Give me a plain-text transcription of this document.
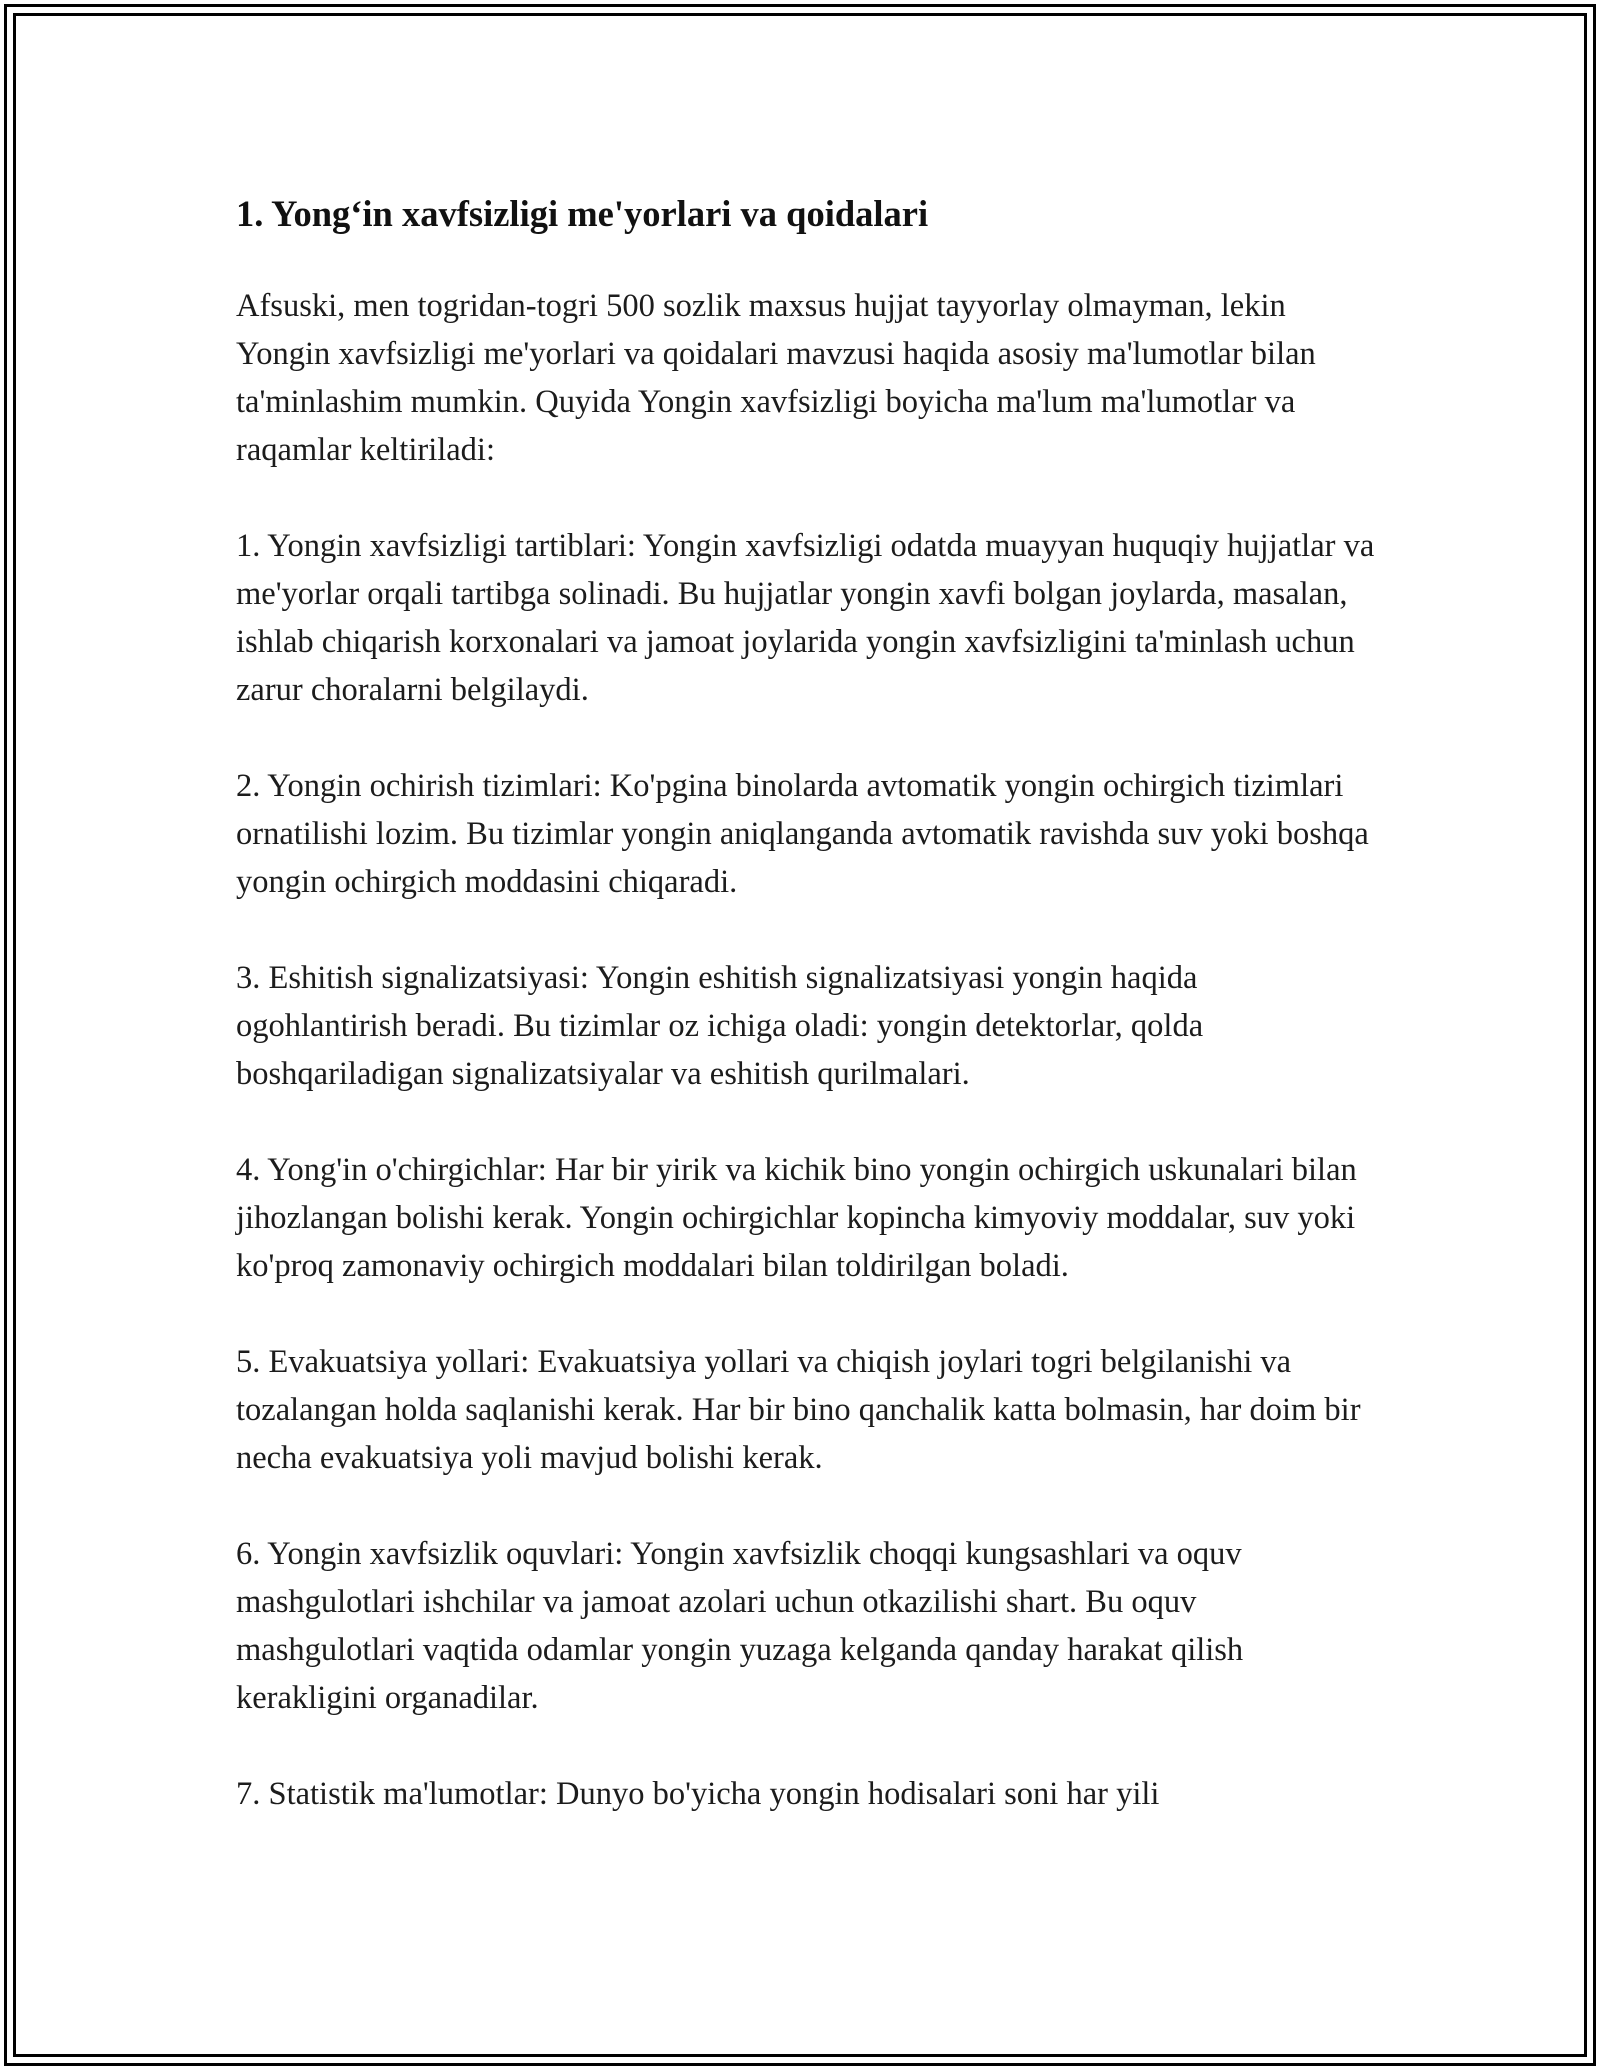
1. Yong‘in xavfsizligi me'yorlari va qoidalari

Afsuski, men togridan-togri 500 sozlik maxsus hujjat tayyorlay olmayman, lekin Yongin xavfsizligi me'yorlari va qoidalari mavzusi haqida asosiy ma'lumotlar bilan ta'minlashim mumkin. Quyida Yongin xavfsizligi boyicha ma'lum ma'lumotlar va raqamlar keltiriladi:

1. Yongin xavfsizligi tartiblari: Yongin xavfsizligi odatda muayyan huquqiy hujjatlar va me'yorlar orqali tartibga solinadi. Bu hujjatlar yongin xavfi bolgan joylarda, masalan, ishlab chiqarish korxonalari va jamoat joylarida yongin xavfsizligini ta'minlash uchun zarur choralarni belgilaydi.

2. Yongin ochirish tizimlari: Ko'pgina binolarda avtomatik yongin ochirgich tizimlari ornatilishi lozim. Bu tizimlar yongin aniqlanganda avtomatik ravishda suv yoki boshqa yongin ochirgich moddasini chiqaradi.

3. Eshitish signalizatsiyasi: Yongin eshitish signalizatsiyasi yongin haqida ogohlantirish beradi. Bu tizimlar oz ichiga oladi: yongin detektorlar, qolda boshqariladigan signalizatsiyalar va eshitish qurilmalari.

4. Yong'in o'chirgichlar: Har bir yirik va kichik bino yongin ochirgich uskunalari bilan jihozlangan bolishi kerak. Yongin ochirgichlar kopincha kimyoviy moddalar, suv yoki ko'proq zamonaviy ochirgich moddalari bilan toldirilgan boladi.

5. Evakuatsiya yollari: Evakuatsiya yollari va chiqish joylari togri belgilanishi va tozalangan holda saqlanishi kerak. Har bir bino qanchalik katta bolmasin, har doim bir necha evakuatsiya yoli mavjud bolishi kerak.

6. Yongin xavfsizlik oquvlari: Yongin xavfsizlik choqqi kungsashlari va oquv mashgulotlari ishchilar va jamoat azolari uchun otkazilishi shart. Bu oquv mashgulotlari vaqtida odamlar yongin yuzaga kelganda qanday harakat qilish kerakligini organadilar.

7. Statistik ma'lumotlar: Dunyo bo'yicha yongin hodisalari soni har yili
